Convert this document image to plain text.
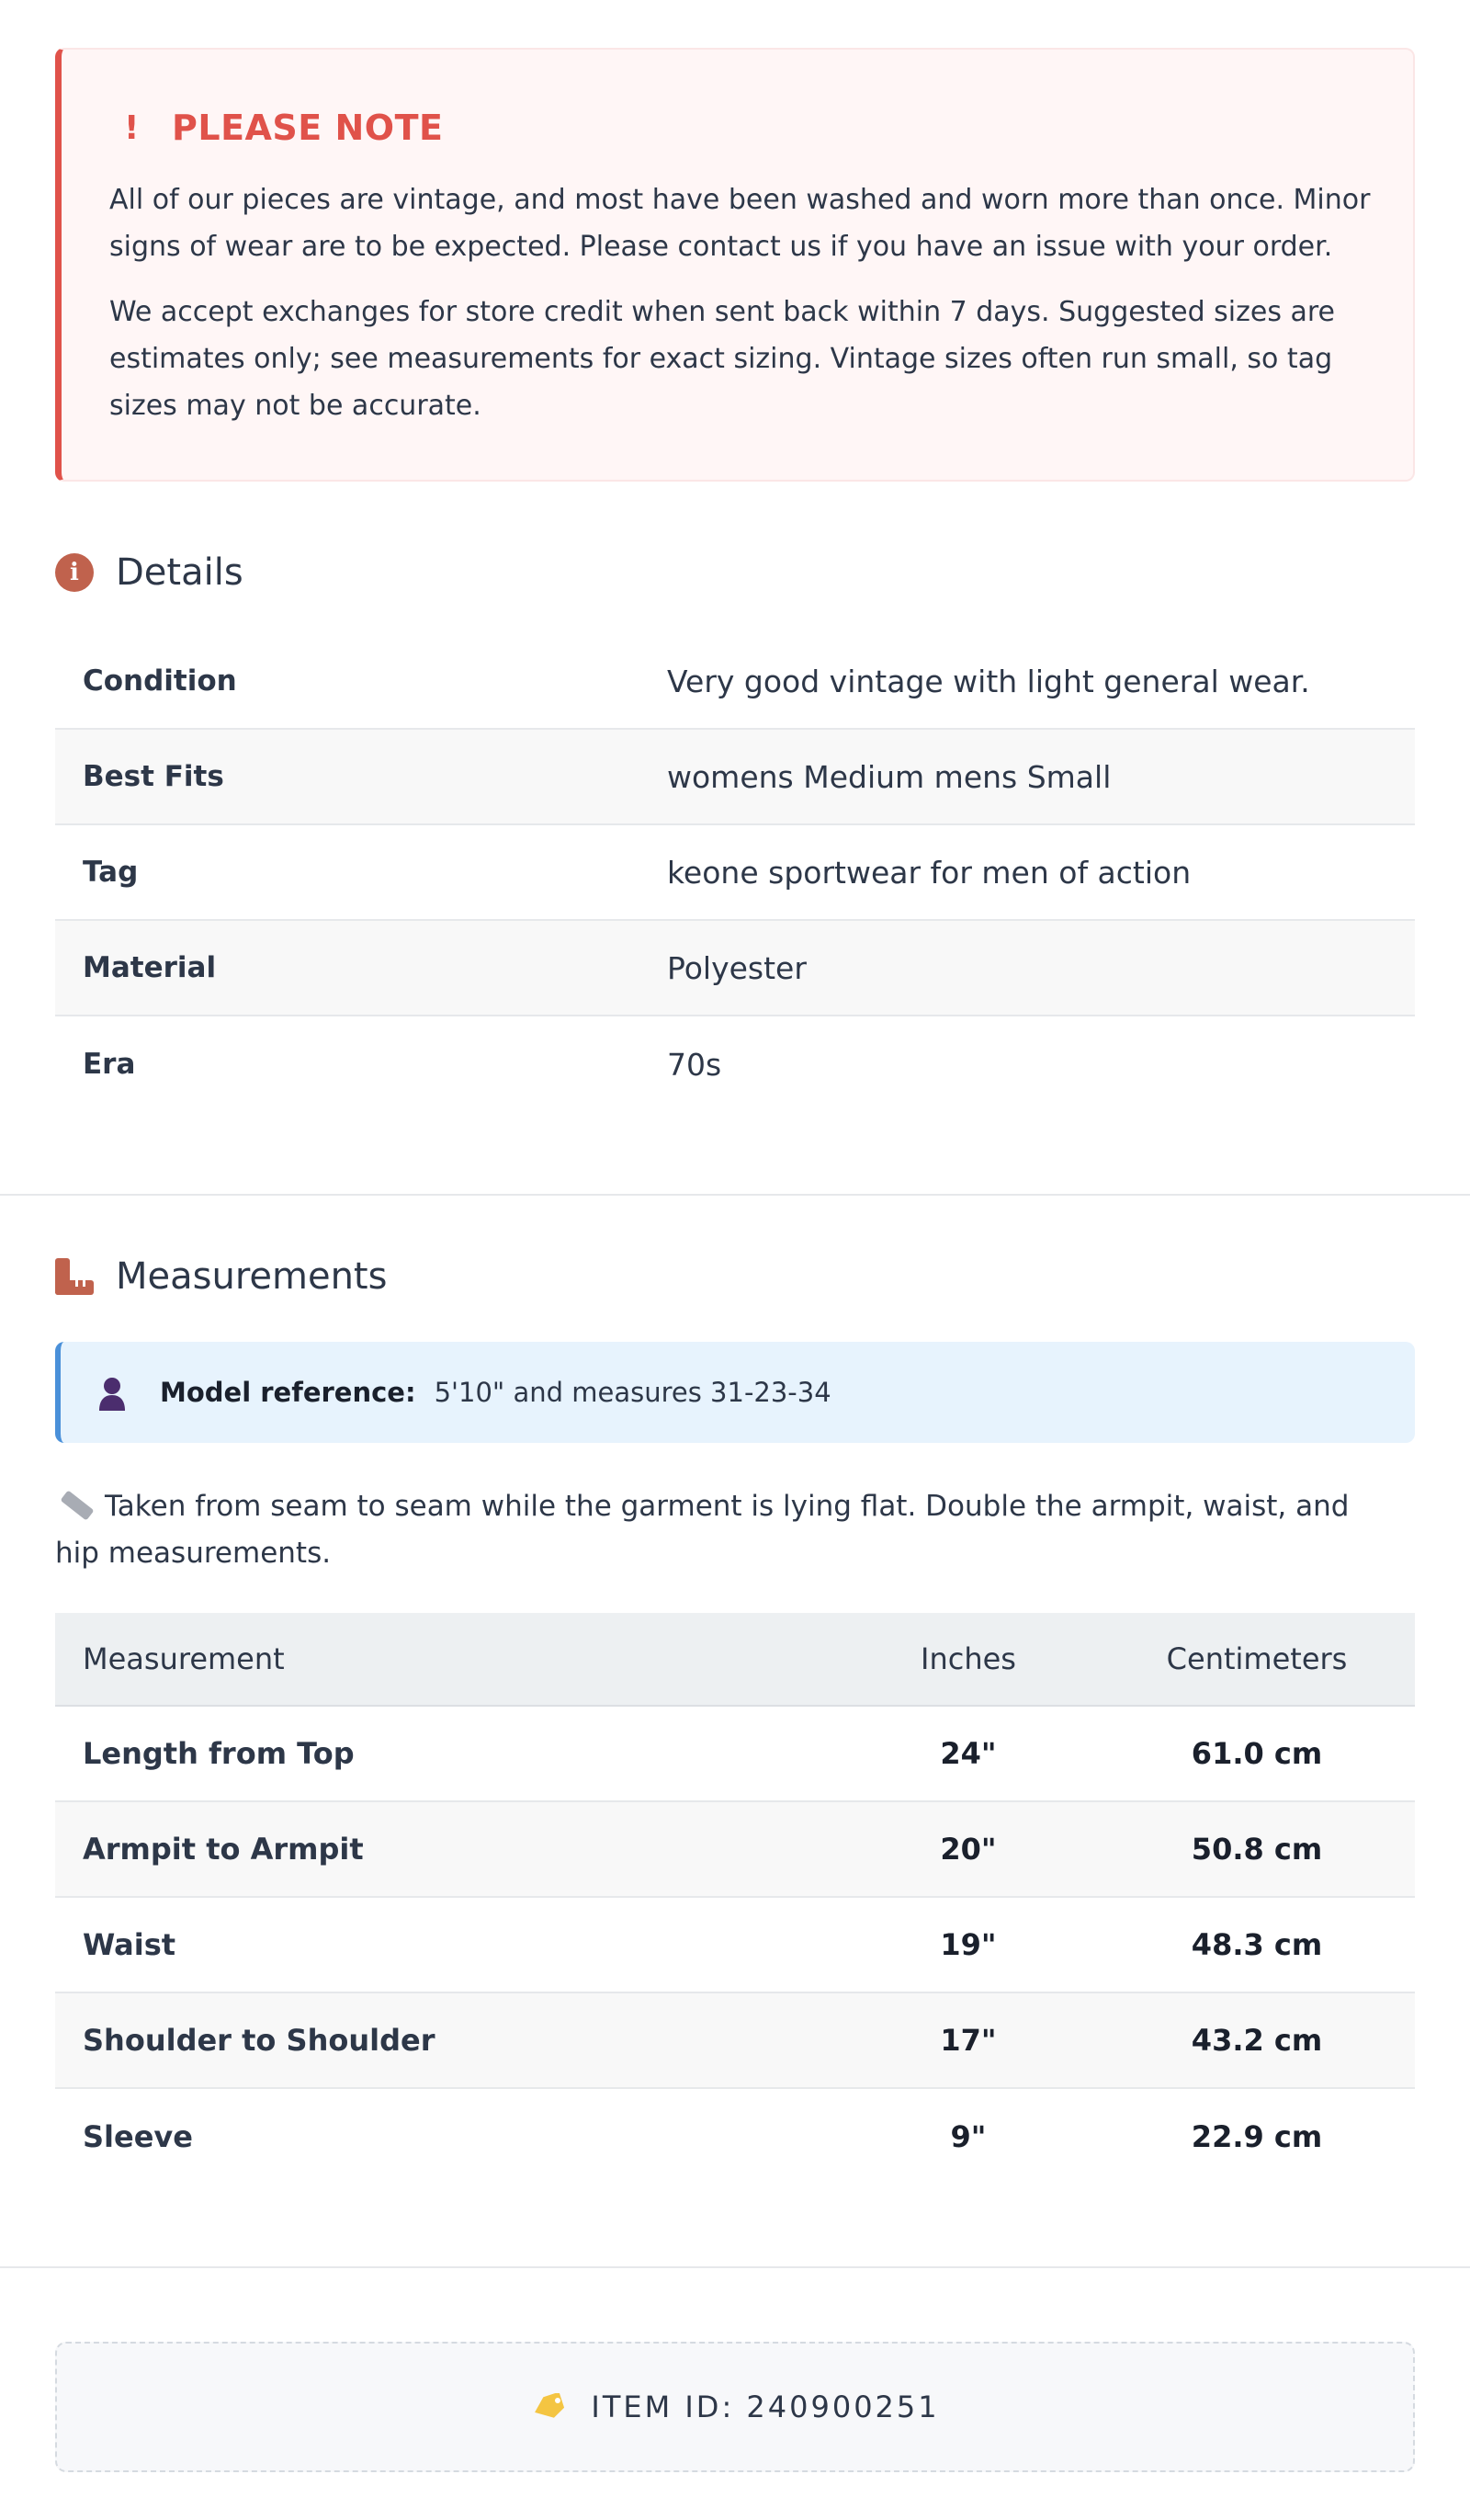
! PLEASE NOTE

All of our pieces are vintage, and most have been washed and worn more than once. Minor signs of wear are to be expected. Please contact us if you have an issue with your order.

We accept exchanges for store credit when sent back within 7 days. Suggested sizes are estimates only; see measurements for exact sizing. Vintage sizes often run small, so tag sizes may not be accurate.

i	Details
Condition	Very good vintage with light general wear.
Best Fits	womens Medium mens Small
Tag	keone sportwear for men of action
Material	Polyester
Era	70s
Measurements
Model reference: 5'10" and measures 31-23-34
Taken from seam to seam while the garment is lying flat. Double the armpit, waist, and hip measurements.
Measurement	Inches	Centimeters
Length from Top	24"	61.0 cm
Armpit to Armpit	20"	50.8 cm
Waist	19"	48.3 cm
Shoulder to Shoulder	17"	43.2 cm
Sleeve	9"	22.9 cm
ITEM ID: 240900251
